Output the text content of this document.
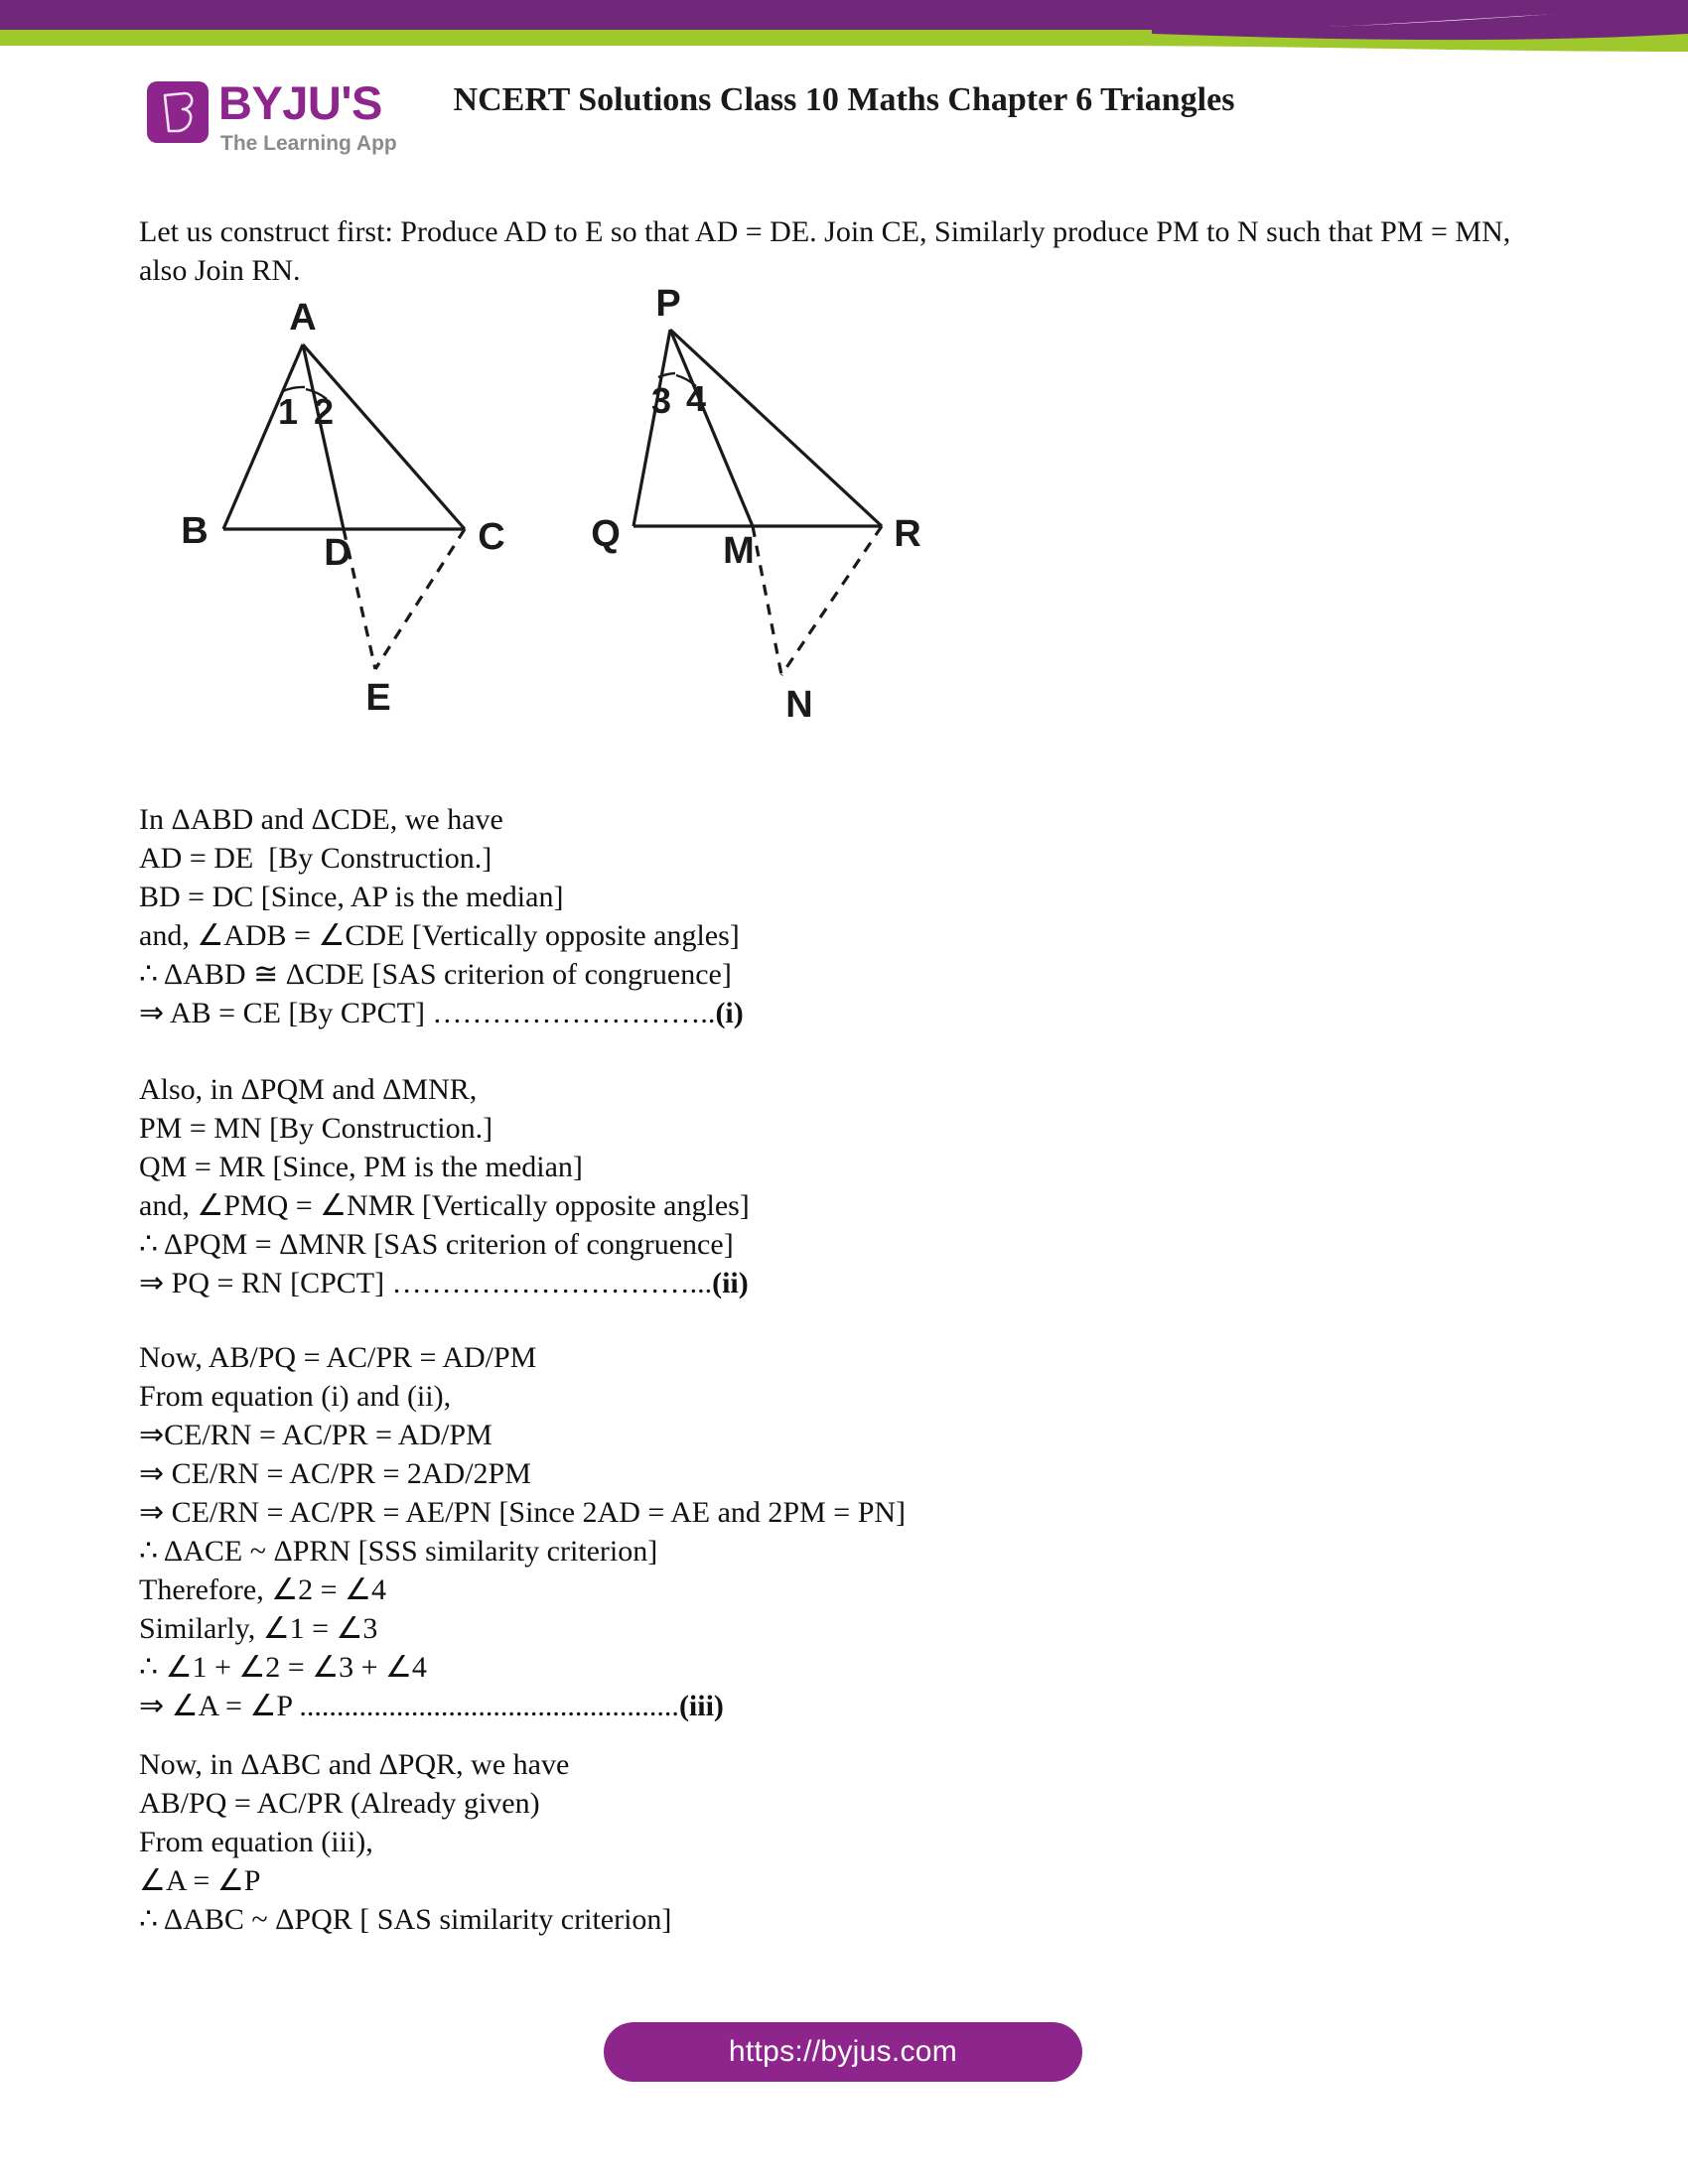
BYJU'S
The Learning App
NCERT Solutions Class 10 Maths Chapter 6 Triangles
Let us construct first: Produce AD to E so that AD = DE. Join CE, Similarly produce PM to N such that PM = MN, also Join RN.
A
B
D	C
E
1 2
P
Q	M	R
N
3 4
In ΔABD and ΔCDE, we have
AD = DE  [By Construction.]
BD = DC [Since, AP is the median]
and, ∠ADB = ∠CDE [Vertically opposite angles]
∴ ΔABD ≅ ΔCDE [SAS criterion of congruence]
⇒ AB = CE [By CPCT] ………………………..(i)
Also, in ΔPQM and ΔMNR,
PM = MN [By Construction.]
QM = MR [Since, PM is the median]
and, ∠PMQ = ∠NMR [Vertically opposite angles]
∴ ΔPQM = ΔMNR [SAS criterion of congruence]
⇒ PQ = RN [CPCT] …………………………...(ii)
Now, AB/PQ = AC/PR = AD/PM
From equation (i) and (ii),
⇒CE/RN = AC/PR = AD/PM
⇒ CE/RN = AC/PR = 2AD/2PM
⇒ CE/RN = AC/PR = AE/PN [Since 2AD = AE and 2PM = PN]
∴ ΔACE ~ ΔPRN [SSS similarity criterion]
Therefore, ∠2 = ∠4
Similarly, ∠1 = ∠3
∴ ∠1 + ∠2 = ∠3 + ∠4
⇒ ∠A = ∠P ...................................................(iii)
Now, in ΔABC and ΔPQR, we have
AB/PQ = AC/PR (Already given)
From equation (iii),
∠A = ∠P
∴ ΔABC ~ ΔPQR [ SAS similarity criterion]
https://byjus.com
